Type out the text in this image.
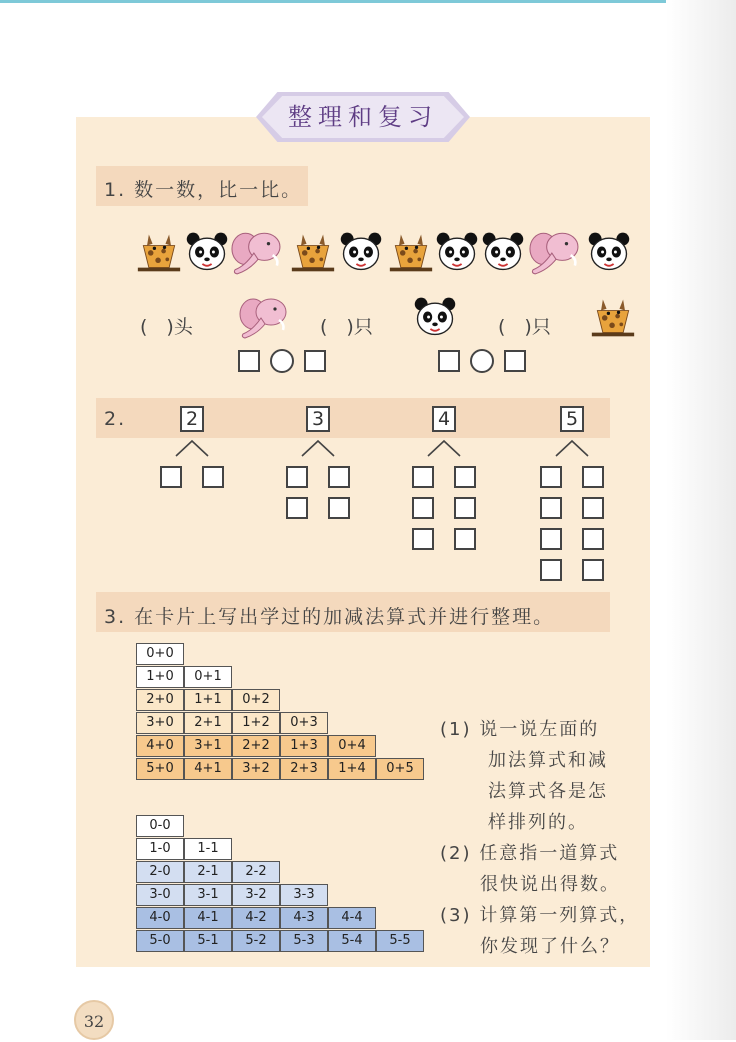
整理和复习
1. 数一数，比一比。
(　)头	(　)只	(　)只
2.	2	3	4	5
3. 在卡片上写出学过的加减法算式并进行整理。
0+0
1+0	0+1
2+0	1+1	0+2
3+0	2+1	1+2	0+3
4+0	3+1	2+2	1+3	0+4
5+0	4+1	3+2	2+3	1+4	0+5
0-0
1-0	1-1
2-0	2-1	2-2
3-0	3-1	3-2	3-3
4-0	4-1	4-2	4-3	4-4
5-0	5-1	5-2	5-3	5-4	5-5
(1) 说一说左面的
加法算式和减
法算式各是怎
样排列的。
(2) 任意指一道算式
很快说出得数。
(3) 计算第一列算式，
你发现了什么？
32
